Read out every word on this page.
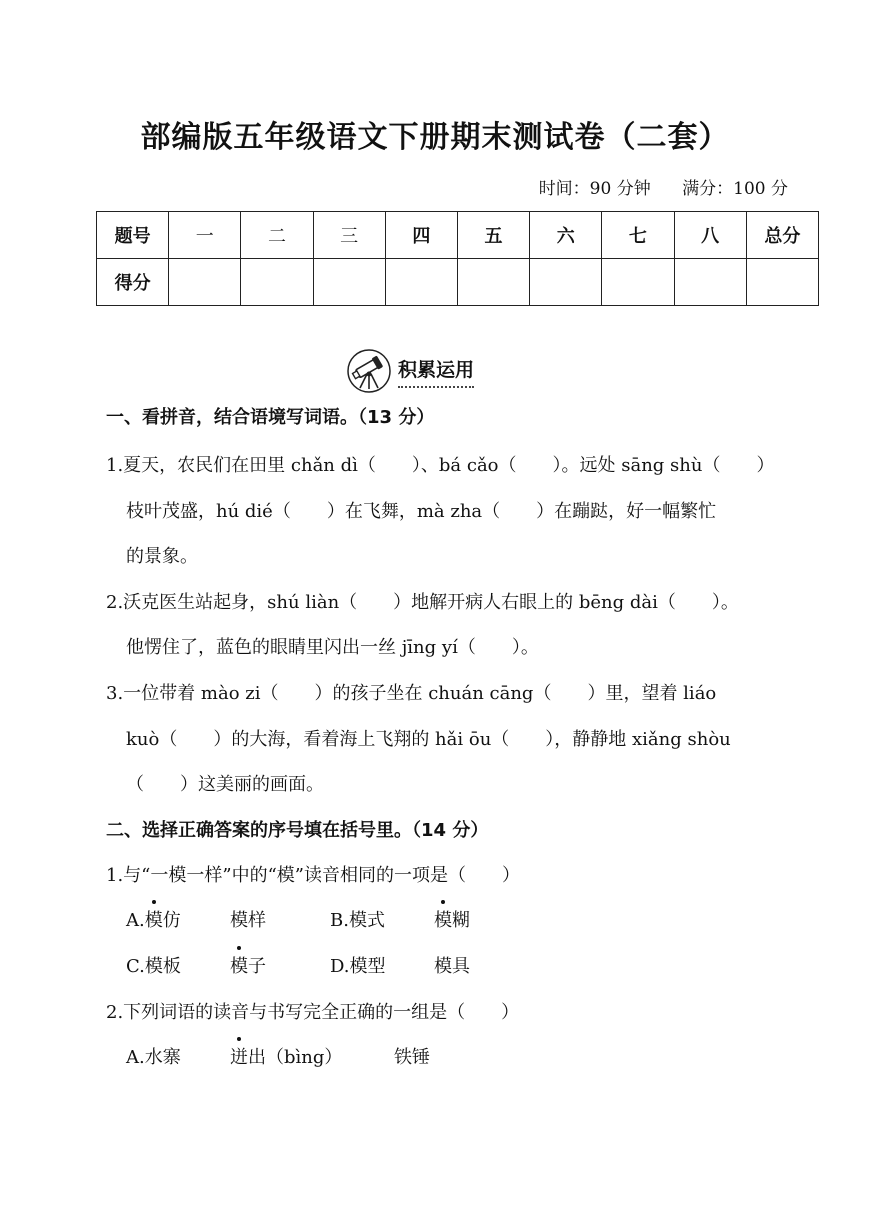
部编版五年级语文下册期末测试卷（二套）
时间：90 分钟 满分：100 分
题号	一	二	三	四	五	六	七	八	总分
得分									
积累运用
一、看拼音，结合语境写词语。（13 分）
1.夏天，农民们在田里 chǎn dì（　　）、bá cǎo（　　）。远处 sāng shù（　　）
枝叶茂盛，hú dié（　　）在飞舞，mà zha（　　）在蹦跶，好一幅繁忙
的景象。
2.沃克医生站起身，shú liàn（　　）地解开病人右眼上的 bēng dài（　　）。
他愣住了，蓝色的眼睛里闪出一丝 jīng yí（　　）。
3.一位带着 mào zi（　　）的孩子坐在 chuán cāng（　　）里，望着 liáo
kuò（　　）的大海，看着海上飞翔的 hǎi ōu（　　），静静地 xiǎng shòu
（　　）这美丽的画面。
二、选择正确答案的序号填在括号里。（14 分）
1.与“一模一样”中的“模”读音相同的一项是（　　）
A.模仿	模样	B.模式	模糊
C.模板	模子	D.模型	模具
2.下列词语的读音与书写完全正确的一组是（　　）
A.水寨	迸出（bìng）	铁锤
